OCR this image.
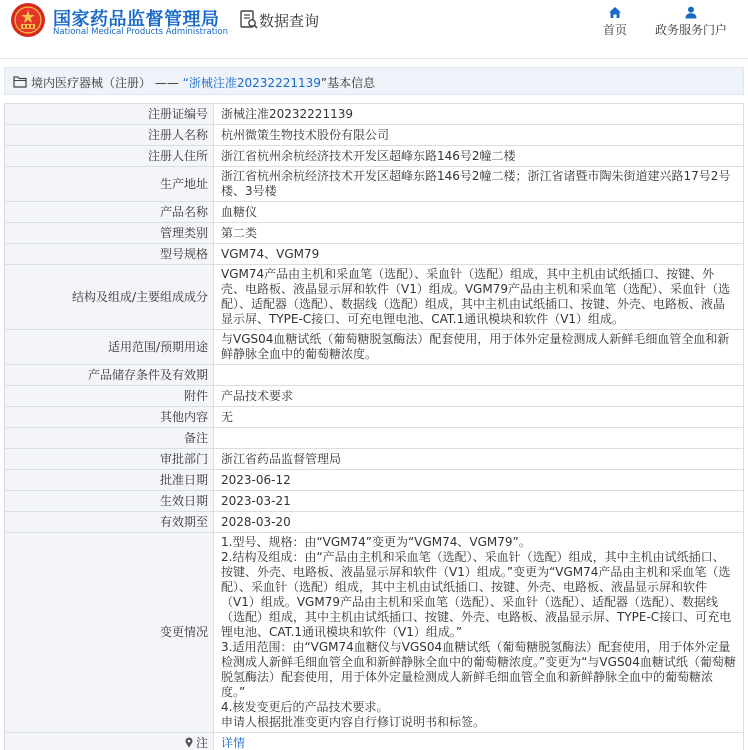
国家药品监督管理局
National Medical Products Administration
数据查询	首页 政务服务门户
境内医疗器械（注册） —— “浙械注准20232221139”基本信息
注册证编号	浙械注准20232221139

注册人名称	杭州微策生物技术股份有限公司

注册人住所	浙江省杭州余杭经济技术开发区超峰东路146号2幢二楼

生产地址	浙江省杭州余杭经济技术开发区超峰东路146号2幢二楼；浙江省诸暨市陶朱街道建兴路17号2号楼、3号楼

产品名称	血糖仪

管理类别	第二类

型号规格	VGM74、VGM79

结构及组成/主要组成成分	VGM74产品由主机和采血笔（选配）、采血针（选配）组成，其中主机由试纸插口、按键、外壳、电路板、液晶显示屏和软件（V1）组成。VGM79产品由主机和采血笔（选配）、采血针（选配）、适配器（选配）、数据线（选配）组成，其中主机由试纸插口、按键、外壳、电路板、液晶显示屏、TYPE-C接口、可充电锂电池、CAT.1通讯模块和软件（V1）组成。

适用范围/预期用途	与VGS04血糖试纸（葡萄糖脱氢酶法）配套使用，用于体外定量检测成人新鲜毛细血管全血和新鲜静脉全血中的葡萄糖浓度。

产品储存条件及有效期	

附件	产品技术要求

其他内容	无

备注	

审批部门	浙江省药品监督管理局

批准日期	2023-06-12

生效日期	2023-03-21

有效期至	2028-03-20

变更情况	1.型号、规格：由“VGM74”变更为“VGM74、VGM79”。
2.结构及组成：由“产品由主机和采血笔（选配）、采血针（选配）组成，其中主机由试纸插口、按键、外壳、电路板、液晶显示屏和软件（V1）组成。”变更为“VGM74产品由主机和采血笔（选配）、采血针（选配）组成，其中主机由试纸插口、按键、外壳、电路板、液晶显示屏和软件（V1）组成。VGM79产品由主机和采血笔（选配）、采血针（选配）、适配器（选配）、数据线（选配）组成，其中主机由试纸插口、按键、外壳、电路板、液晶显示屏、TYPE-C接口、可充电锂电池、CAT.1通讯模块和软件（V1）组成。”
3.适用范围：由“VGM74血糖仪与VGS04血糖试纸（葡萄糖脱氢酶法）配套使用，用于体外定量检测成人新鲜毛细血管全血和新鲜静脉全血中的葡萄糖浓度。”变更为“与VGS04血糖试纸（葡萄糖脱氢酶法）配套使用，用于体外定量检测成人新鲜毛细血管全血和新鲜静脉全血中的葡萄糖浓度。”
4.核发变更后的产品技术要求。
申请人根据批准变更内容自行修订说明书和标签。

注	详情
